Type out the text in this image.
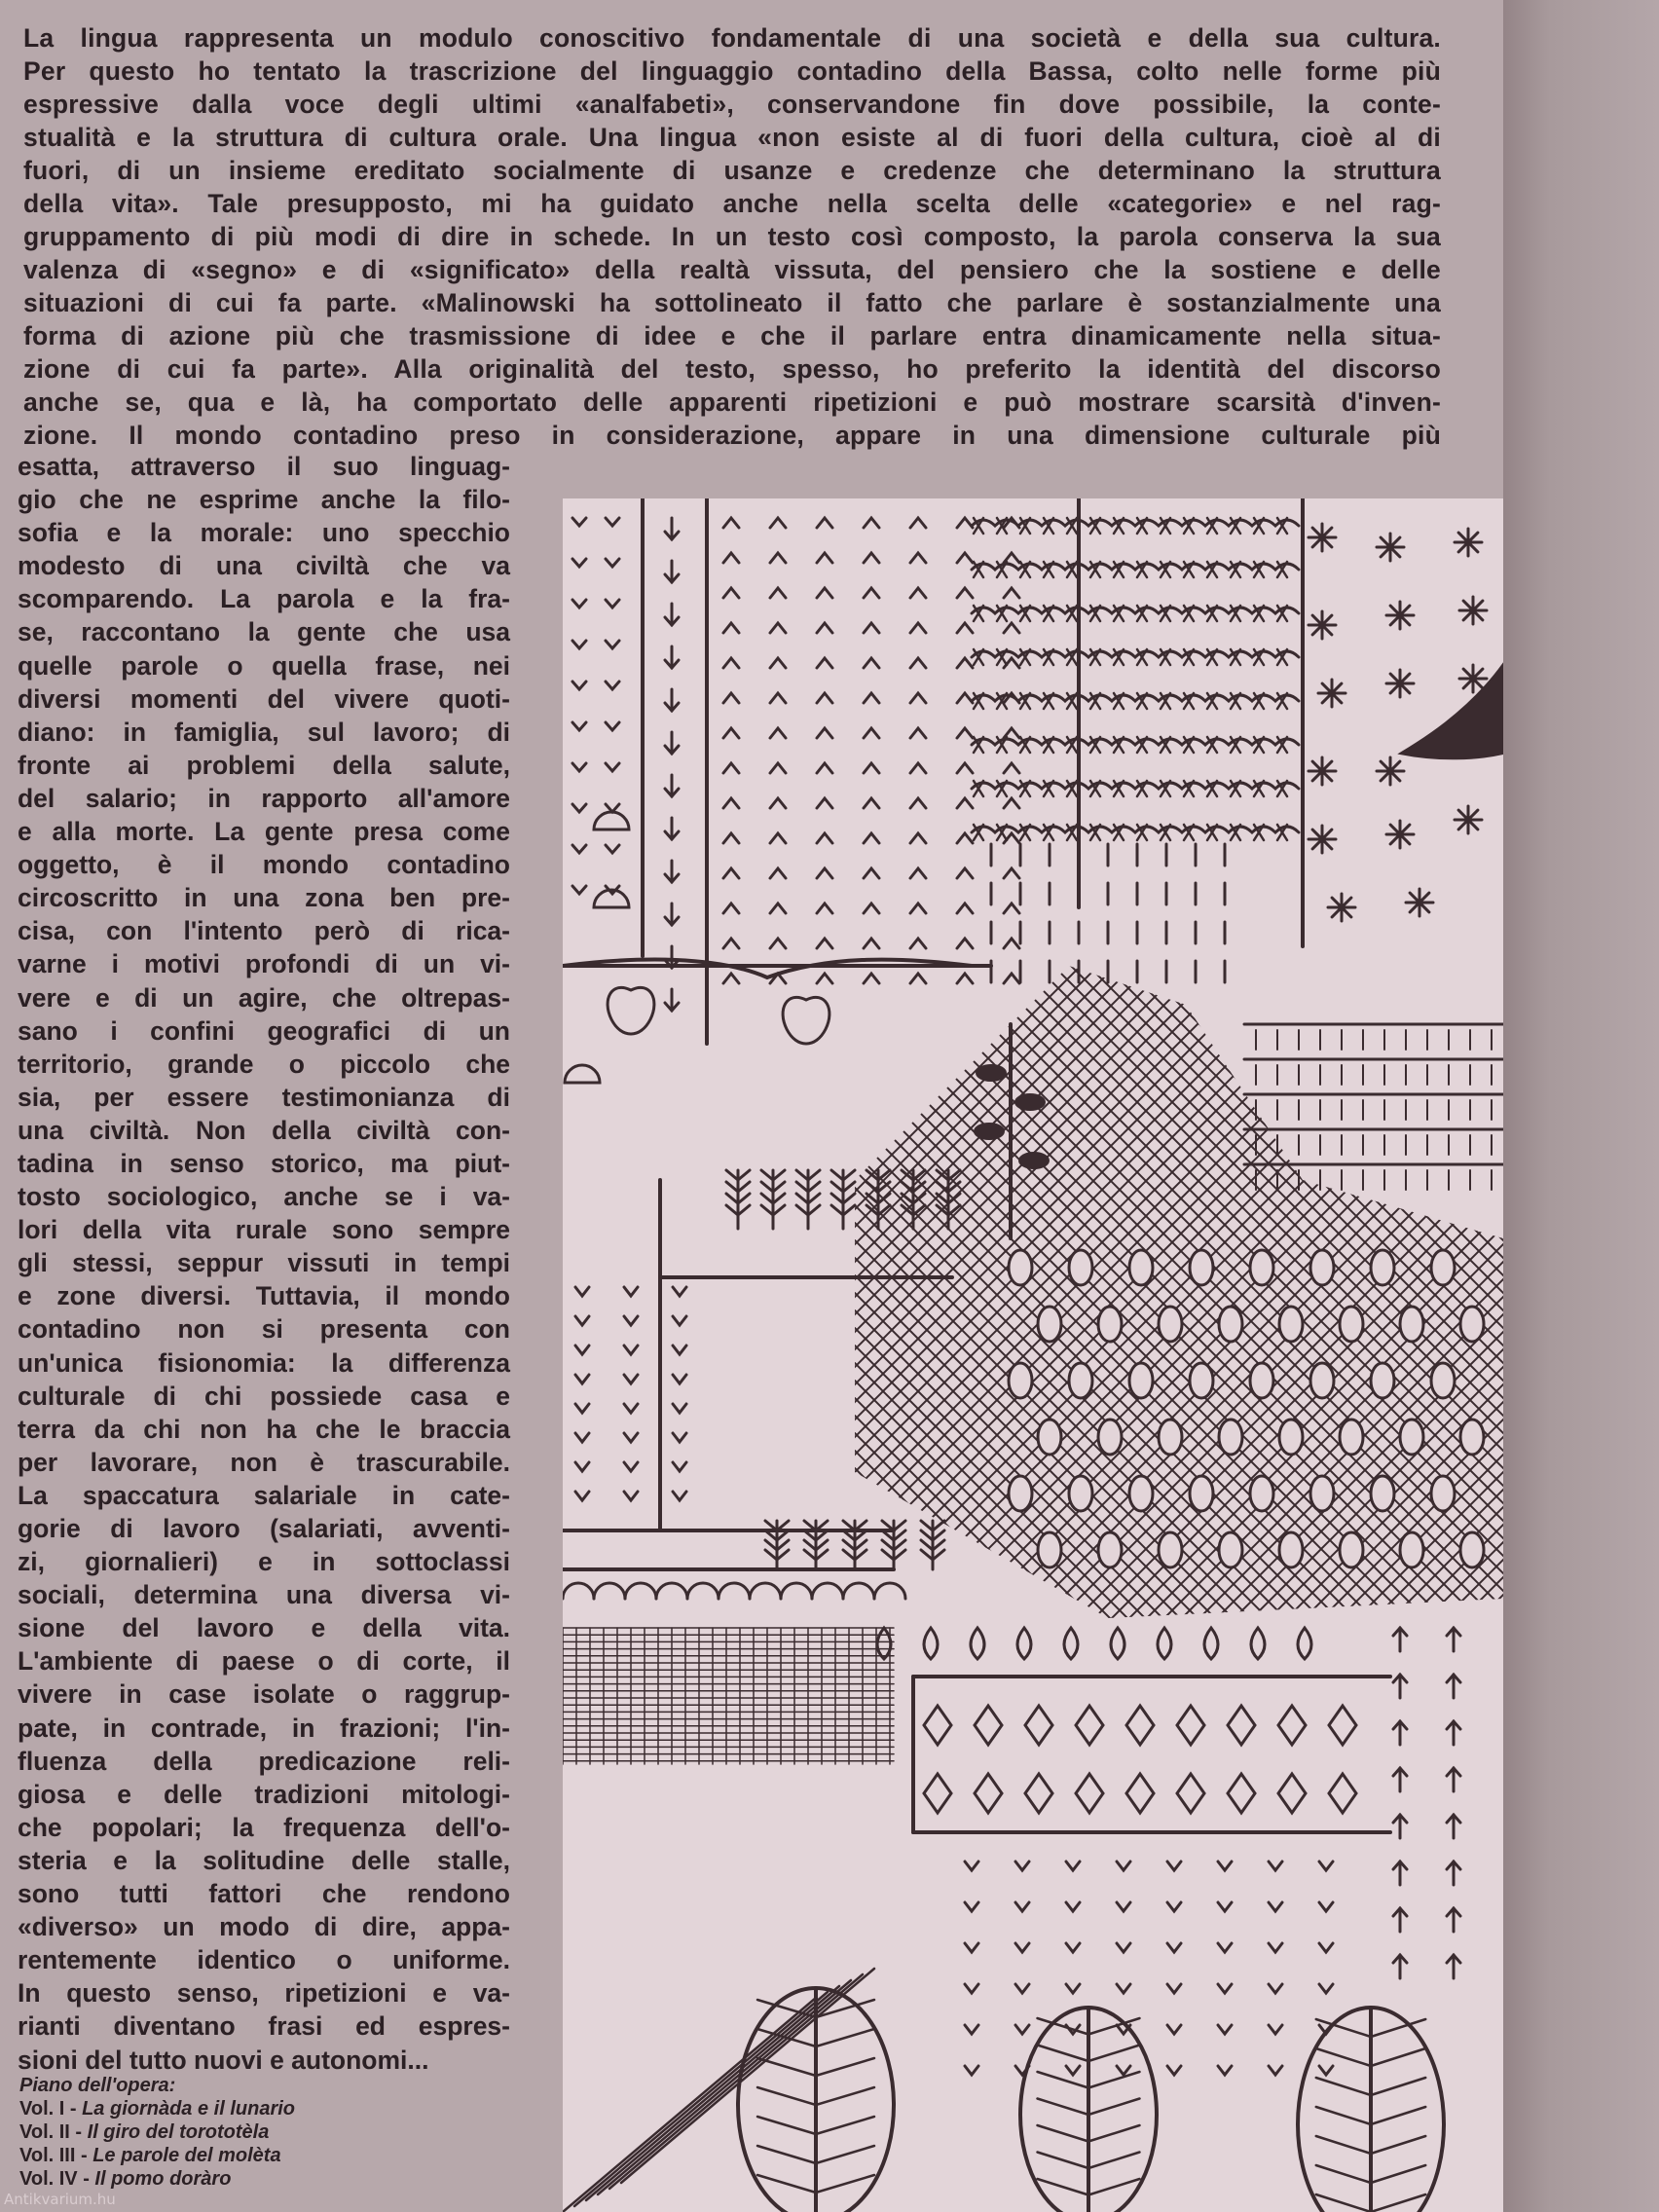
La lingua rappresenta un modulo conoscitivo fondamentale di una società e della sua cultura.
Per questo ho tentato la trascrizione del linguaggio contadino della Bassa, colto nelle forme più
espressive dalla voce degli ultimi «analfabeti», conservandone fin dove possibile, la conte-
stualità e la struttura di cultura orale. Una lingua «non esiste al di fuori della cultura, cioè al di
fuori, di un insieme ereditato socialmente di usanze e credenze che determinano la struttura
della vita». Tale presupposto, mi ha guidato anche nella scelta delle «categorie» e nel rag-
gruppamento di più modi di dire in schede. In un testo così composto, la parola conserva la sua
valenza di «segno» e di «significato» della realtà vissuta, del pensiero che la sostiene e delle
situazioni di cui fa parte. «Malinowski ha sottolineato il fatto che parlare è sostanzialmente una
forma di azione più che trasmissione di idee e che il parlare entra dinamicamente nella situa-
zione di cui fa parte». Alla originalità del testo, spesso, ho preferito la identità del discorso
anche se, qua e là, ha comportato delle apparenti ripetizioni e può mostrare scarsità d'inven-
zione. Il mondo contadino preso in considerazione, appare in una dimensione culturale più
esatta, attraverso il suo linguag-
gio che ne esprime anche la filo-
sofia e la morale: uno specchio
modesto di una civiltà che va
scomparendo. La parola e la fra-
se, raccontano la gente che usa
quelle parole o quella frase, nei
diversi momenti del vivere quoti-
diano: in famiglia, sul lavoro; di
fronte ai problemi della salute,
del salario; in rapporto all'amore
e alla morte. La gente presa come
oggetto, è il mondo contadino
circoscritto in una zona ben pre-
cisa, con l'intento però di rica-
varne i motivi profondi di un vi-
vere e di un agire, che oltrepas-
sano i confini geografici di un
territorio, grande o piccolo che
sia, per essere testimonianza di
una civiltà. Non della civiltà con-
tadina in senso storico, ma piut-
tosto sociologico, anche se i va-
lori della vita rurale sono sempre
gli stessi, seppur vissuti in tempi
e zone diversi. Tuttavia, il mondo
contadino non si presenta con
un'unica fisionomia: la differenza
culturale di chi possiede casa e
terra da chi non ha che le braccia
per lavorare, non è trascurabile.
La spaccatura salariale in cate-
gorie di lavoro (salariati, avventi-
zi, giornalieri) e in sottoclassi
sociali, determina una diversa vi-
sione del lavoro e della vita.
L'ambiente di paese o di corte, il
vivere in case isolate o raggrup-
pate, in contrade, in frazioni; l'in-
fluenza della predicazione reli-
giosa e delle tradizioni mitologi-
che popolari; la frequenza dell'o-
steria e la solitudine delle stalle,
sono tutti fattori che rendono
«diverso» un modo di dire, appa-
rentemente identico o uniforme.
In questo senso, ripetizioni e va-
rianti diventano frasi ed espres-
sioni del tutto nuovi e autonomi...
Piano dell'opera:
Vol. I - La giornàda e il lunario
Vol. II - Il giro del torototèla
Vol. III - Le parole del molèta
Vol. IV - Il pomo doràro
Antikvarium.hu
